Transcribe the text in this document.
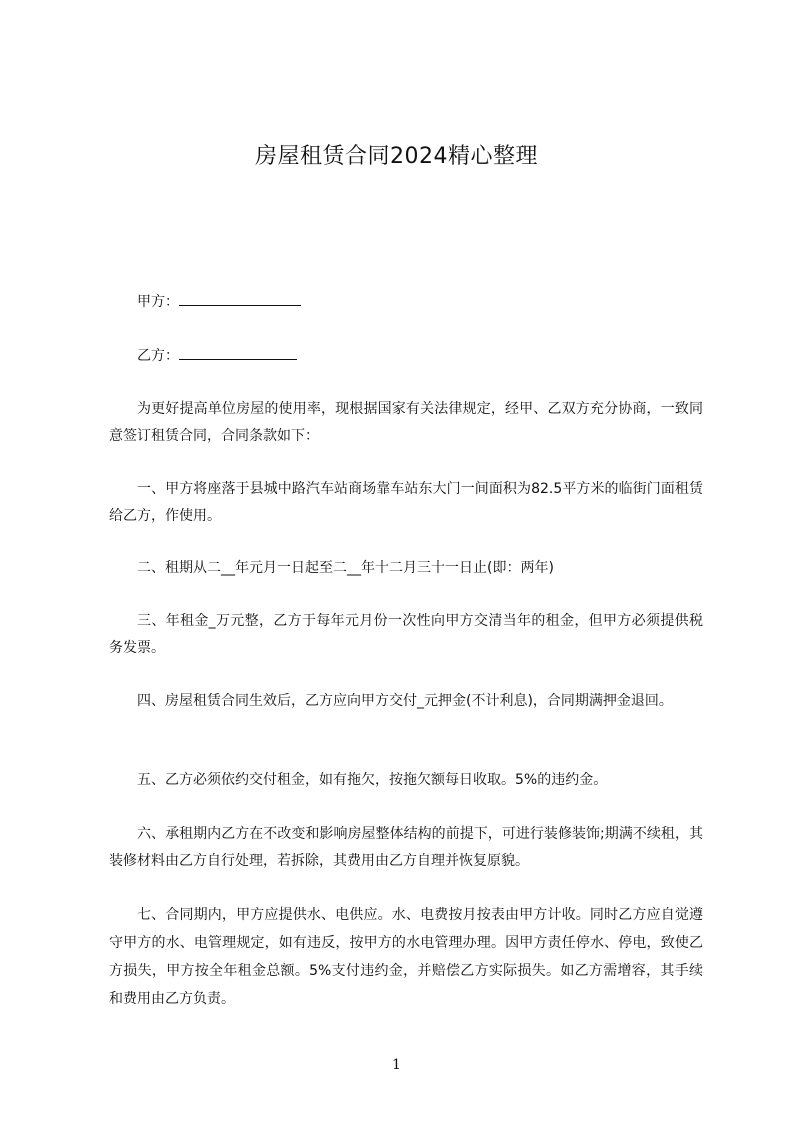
房屋租赁合同2024精心整理
甲方：
乙方：

为更好提高单位房屋的使用率，现根据国家有关法律规定，经甲、乙双方充分协商，一致同意签订租赁合同，合同条款如下：

一、甲方将座落于县城中路汽车站商场靠车站东大门一间面积为82.5平方米的临街门面租赁给乙方，作使用。

二、租期从二__年元月一日起至二__年十二月三十一日止(即：两年)

三、年租金_万元整，乙方于每年元月份一次性向甲方交清当年的租金，但甲方必须提供税务发票。

四、房屋租赁合同生效后，乙方应向甲方交付_元押金(不计利息)，合同期满押金退回。

五、乙方必须依约交付租金，如有拖欠，按拖欠额每日收取。5%的违约金。

六、承租期内乙方在不改变和影响房屋整体结构的前提下，可进行装修装饰;期满不续租，其装修材料由乙方自行处理，若拆除，其费用由乙方自理并恢复原貌。

七、合同期内，甲方应提供水、电供应。水、电费按月按表由甲方计收。同时乙方应自觉遵守甲方的水、电管理规定，如有违反，按甲方的水电管理办理。因甲方责任停水、停电，致使乙方损失，甲方按全年租金总额。5%支付违约金，并赔偿乙方实际损失。如乙方需增容，其手续和费用由乙方负责。

1
